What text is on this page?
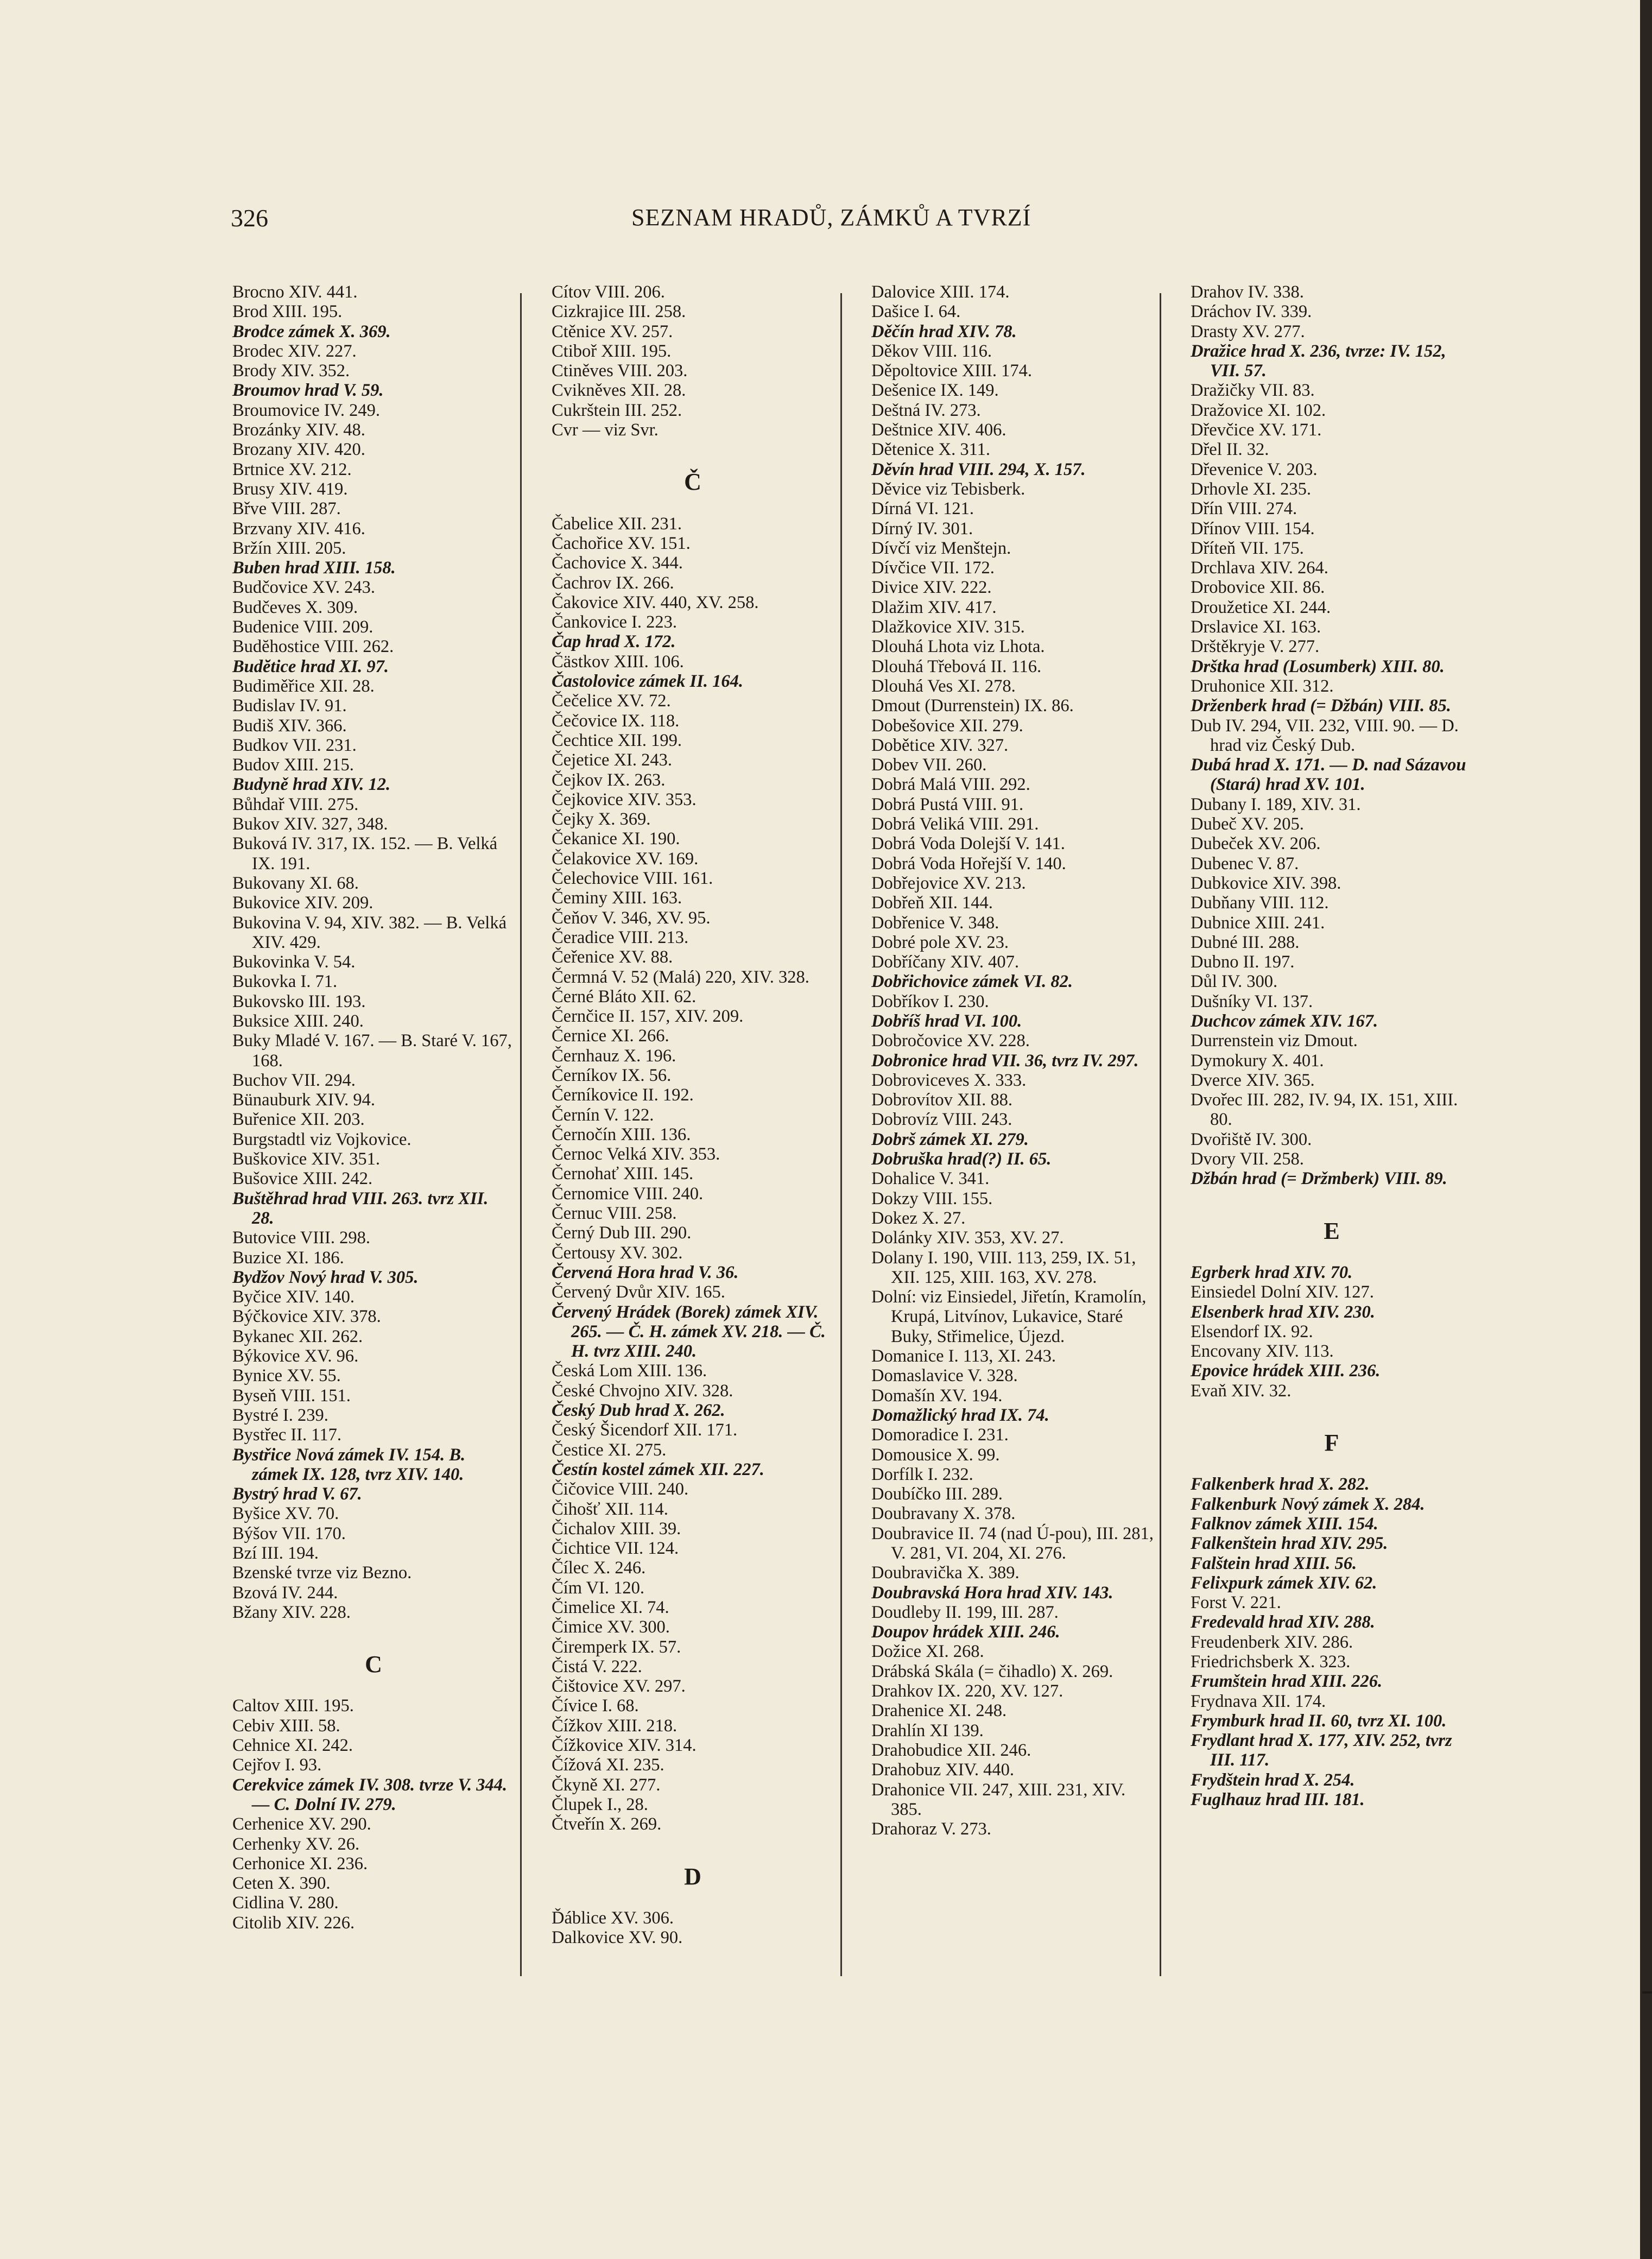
326	SEZNAM HRADŮ, ZÁMKŮ A TVRZÍ
Brocno XIV. 441.
Brod XIII. 195.
Brodce zámek X. 369.
Brodec XIV. 227.
Brody XIV. 352.
Broumov hrad V. 59.
Broumovice IV. 249.
Brozánky XIV. 48.
Brozany XIV. 420.
Brtnice XV. 212.
Brusy XIV. 419.
Břve VIII. 287.
Brzvany XIV. 416.
Bržín XIII. 205.
Buben hrad XIII. 158.
Budčovice XV. 243.
Budčeves X. 309.
Budenice VIII. 209.
Budĕhostice VIII. 262.
Budĕtice hrad XI. 97.
Budiměřice XII. 28.
Budislav IV. 91.
Budiš XIV. 366.
Budkov VII. 231.
Budov XIII. 215.
Budyně hrad XIV. 12.
Bůhdař VIII. 275.
Bukov XIV. 327, 348.
Buková IV. 317, IX. 152. — B. Velká IX. 191.
Bukovany XI. 68.
Bukovice XIV. 209.
Bukovina V. 94, XIV. 382. — B. Velká XIV. 429.
Bukovinka V. 54.
Bukovka I. 71.
Bukovsko III. 193.
Buksice XIII. 240.
Buky Mladé V. 167. — B. Staré V. 167, 168.
Buchov VII. 294.
Bünauburk XIV. 94.
Buřenice XII. 203.
Burgstadtl viz Vojkovice.
Buškovice XIV. 351.
Bušovice XIII. 242.
Buštěhrad hrad VIII. 263. tvrz XII. 28.
Butovice VIII. 298.
Buzice XI. 186.
Bydžov Nový hrad V. 305.
Byčice XIV. 140.
Býčkovice XIV. 378.
Bykanec XII. 262.
Býkovice XV. 96.
Bynice XV. 55.
Byseň VIII. 151.
Bystré I. 239.
Bystřec II. 117.
Bystřice Nová zámek IV. 154. B. zámek IX. 128, tvrz XIV. 140.
Bystrý hrad V. 67.
Byšice XV. 70.
Býšov VII. 170.
Bzí III. 194.
Bzenské tvrze viz Bezno.
Bzová IV. 244.
Bžany XIV. 228.
C
Caltov XIII. 195.
Cebiv XIII. 58.
Cehnice XI. 242.
Cejřov I. 93.
Cerekvice zámek IV. 308. tvrze V. 344. — C. Dolní IV. 279.
Cerhenice XV. 290.
Cerhenky XV. 26.
Cerhonice XI. 236.
Ceten X. 390.
Cidlina V. 280.
Citolib XIV. 226.
Cítov VIII. 206.
Cizkrajice III. 258.
Ctěnice XV. 257.
Ctiboř XIII. 195.
Ctiněves VIII. 203.
Cvikněves XII. 28.
Cukrštein III. 252.
Cvr — viz Svr.
Č
Čabelice XII. 231.
Čachořice XV. 151.
Čachovice X. 344.
Čachrov IX. 266.
Čakovice XIV. 440, XV. 258.
Čankovice I. 223.
Čap hrad X. 172.
Čästkov XIII. 106.
Častolovice zámek II. 164.
Čečelice XV. 72.
Čečovice IX. 118.
Čechtice XII. 199.
Čejetice XI. 243.
Čejkov IX. 263.
Čejkovice XIV. 353.
Čejky X. 369.
Čekanice XI. 190.
Čelakovice XV. 169.
Čelechovice VIII. 161.
Čeminy XIII. 163.
Čeňov V. 346, XV. 95.
Čeradice VIII. 213.
Čeřenice XV. 88.
Čermná V. 52 (Malá) 220, XIV. 328.
Černé Bláto XII. 62.
Černčice II. 157, XIV. 209.
Černice XI. 266.
Černhauz X. 196.
Černíkov IX. 56.
Černíkovice II. 192.
Černín V. 122.
Černočín XIII. 136.
Černoc Velká XIV. 353.
Černohať XIII. 145.
Černomice VIII. 240.
Černuc VIII. 258.
Černý Dub III. 290.
Čertousy XV. 302.
Červená Hora hrad V. 36.
Červený Dvůr XIV. 165.
Červený Hrádek (Borek) zámek XIV. 265. — Č. H. zámek XV. 218. — Č. H. tvrz XIII. 240.
Česká Lom XIII. 136.
České Chvojno XIV. 328.
Český Dub hrad X. 262.
Český Šicendorf XII. 171.
Čestice XI. 275.
Čestín kostel zámek XII. 227.
Čičovice VIII. 240.
Čihošť XII. 114.
Čichalov XIII. 39.
Čichtice VII. 124.
Čílec X. 246.
Čím VI. 120.
Čimelice XI. 74.
Čimice XV. 300.
Čiremperk IX. 57.
Čistá V. 222.
Čištovice XV. 297.
Čívice I. 68.
Čížkov XIII. 218.
Čížkovice XIV. 314.
Čížová XI. 235.
Čkyně XI. 277.
Člupek I., 28.
Čtveřín X. 269.
D
Ďáblice XV. 306.
Dalkovice XV. 90.
Dalovice XIII. 174.
Dašice I. 64.
Děčín hrad XIV. 78.
Děkov VIII. 116.
Děpoltovice XIII. 174.
Dešenice IX. 149.
Deštná IV. 273.
Deštnice XIV. 406.
Dětenice X. 311.
Děvín hrad VIII. 294, X. 157.
Děvice viz Tebisberk.
Dírná VI. 121.
Dírný IV. 301.
Dívčí viz Menštejn.
Dívčice VII. 172.
Divice XIV. 222.
Dlažim XIV. 417.
Dlažkovice XIV. 315.
Dlouhá Lhota viz Lhota.
Dlouhá Třebová II. 116.
Dlouhá Ves XI. 278.
Dmout (Durrenstein) IX. 86.
Dobešovice XII. 279.
Dobětice XIV. 327.
Dobev VII. 260.
Dobrá Malá VIII. 292.
Dobrá Pustá VIII. 91.
Dobrá Veliká VIII. 291.
Dobrá Voda Dolejší V. 141.
Dobrá Voda Hořejší V. 140.
Dobřejovice XV. 213.
Dobřeň XII. 144.
Dobřenice V. 348.
Dobré pole XV. 23.
Dobříčany XIV. 407.
Dobřichovice zámek VI. 82.
Dobříkov I. 230.
Dobříš hrad VI. 100.
Dobročovice XV. 228.
Dobronice hrad VII. 36, tvrz IV. 297.
Dobroviceves X. 333.
Dobrovítov XII. 88.
Dobrovíz VIII. 243.
Dobrš zámek XI. 279.
Dobruška hrad(?) II. 65.
Dohalice V. 341.
Dokzy VIII. 155.
Dokez X. 27.
Dolánky XIV. 353, XV. 27.
Dolany I. 190, VIII. 113, 259, IX. 51, XII. 125, XIII. 163, XV. 278.
Dolní: viz Einsiedel, Jiřetín, Kramolín, Krupá, Litvínov, Lukavice, Staré Buky, Střimelice, Újezd.
Domanice I. 113, XI. 243.
Domaslavice V. 328.
Domašín XV. 194.
Domažlický hrad IX. 74.
Domoradice I. 231.
Domousice X. 99.
Dorfílk I. 232.
Doubíčko III. 289.
Doubravany X. 378.
Doubravice II. 74 (nad Ú-pou), III. 281, V. 281, VI. 204, XI. 276.
Doubravička X. 389.
Doubravská Hora hrad XIV. 143.
Doudleby II. 199, III. 287.
Doupov hrádek XIII. 246.
Dožice XI. 268.
Drábská Skála (= čihadlo) X. 269.
Drahkov IX. 220, XV. 127.
Drahenice XI. 248.
Drahlín XI 139.
Drahobudice XII. 246.
Drahobuz XIV. 440.
Drahonice VII. 247, XIII. 231, XIV. 385.
Drahoraz V. 273.
Drahov IV. 338.
Dráchov IV. 339.
Drasty XV. 277.
Dražice hrad X. 236, tvrze: IV. 152, VII. 57.
Dražičky VII. 83.
Dražovice XI. 102.
Dřevčice XV. 171.
Dřel II. 32.
Dřevenice V. 203.
Drhovle XI. 235.
Dřín VIII. 274.
Dřínov VIII. 154.
Dříteň VII. 175.
Drchlava XIV. 264.
Drobovice XII. 86.
Droužetice XI. 244.
Drslavice XI. 163.
Drštěkryje V. 277.
Drštka hrad (Losumberk) XIII. 80.
Druhonice XII. 312.
Drženberk hrad (= Džbán) VIII. 85.
Dub IV. 294, VII. 232, VIII. 90. — D. hrad viz Český Dub.
Dubá hrad X. 171. — D. nad Sázavou (Stará) hrad XV. 101.
Dubany I. 189, XIV. 31.
Dubeč XV. 205.
Dubeček XV. 206.
Dubenec V. 87.
Dubkovice XIV. 398.
Dubňany VIII. 112.
Dubnice XIII. 241.
Dubné III. 288.
Dubno II. 197.
Důl IV. 300.
Dušníky VI. 137.
Duchcov zámek XIV. 167.
Durrenstein viz Dmout.
Dymokury X. 401.
Dverce XIV. 365.
Dvořec III. 282, IV. 94, IX. 151, XIII. 80.
Dvořiště IV. 300.
Dvory VII. 258.
Džbán hrad (= Držmberk) VIII. 89.
E
Egrberk hrad XIV. 70.
Einsiedel Dolní XIV. 127.
Elsenberk hrad XIV. 230.
Elsendorf IX. 92.
Encovany XIV. 113.
Epovice hrádek XIII. 236.
Evaň XIV. 32.
F
Falkenberk hrad X. 282.
Falkenburk Nový zámek X. 284.
Falknov zámek XIII. 154.
Falkenštein hrad XIV. 295.
Falštein hrad XIII. 56.
Felixpurk zámek XIV. 62.
Forst V. 221.
Fredevald hrad XIV. 288.
Freudenberk XIV. 286.
Friedrichsberk X. 323.
Frumštein hrad XIII. 226.
Frydnava XII. 174.
Frymburk hrad II. 60, tvrz XI. 100.
Frydlant hrad X. 177, XIV. 252, tvrz III. 117.
Frydštein hrad X. 254.
Fuglhauz hrad III. 181.
